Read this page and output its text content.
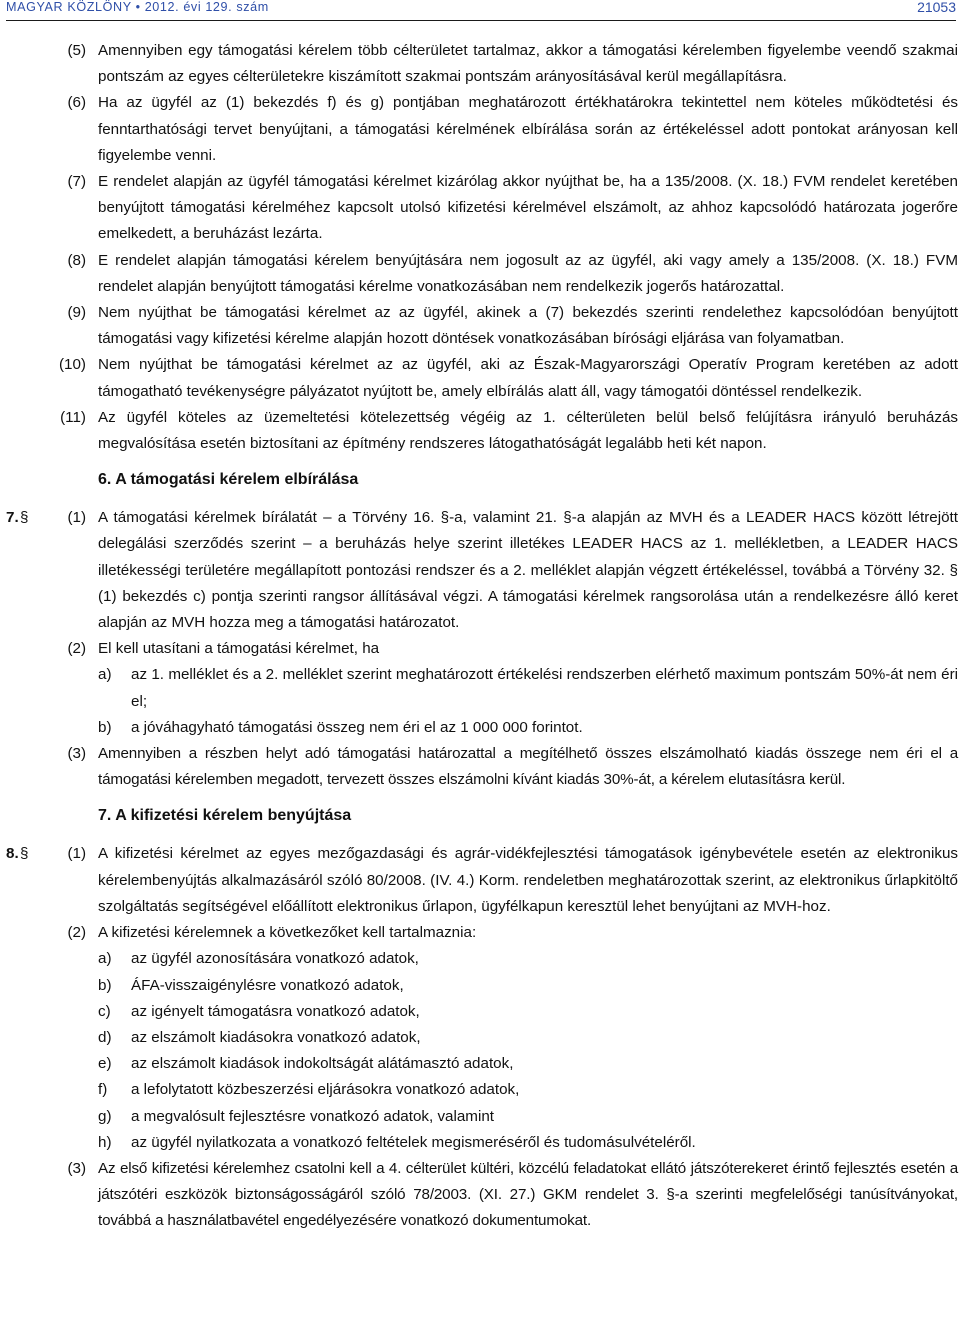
MAGYAR KÖZLÖNY • 2012. évi 129. szám	21053
(5) Amennyiben egy támogatási kérelem több célterületet tartalmaz, akkor a támogatási kérelemben figyelembe veendő szakmai pontszám az egyes célterületekre kiszámított szakmai pontszám arányosításával kerül megállapításra.
(6) Ha az ügyfél az (1) bekezdés f) és g) pontjában meghatározott értékhatárokra tekintettel nem köteles működtetési és fenntarthatósági tervet benyújtani, a támogatási kérelmének elbírálása során az értékeléssel adott pontokat arányosan kell figyelembe venni.
(7) E rendelet alapján az ügyfél támogatási kérelmet kizárólag akkor nyújthat be, ha a 135/2008. (X. 18.) FVM rendelet keretében benyújtott támogatási kérelméhez kapcsolt utolsó kifizetési kérelmével elszámolt, az ahhoz kapcsolódó határozata jogerőre emelkedett, a beruházást lezárta.
(8) E rendelet alapján támogatási kérelem benyújtására nem jogosult az az ügyfél, aki vagy amely a 135/2008. (X. 18.) FVM rendelet alapján benyújtott támogatási kérelme vonatkozásában nem rendelkezik jogerős határozattal.
(9) Nem nyújthat be támogatási kérelmet az az ügyfél, akinek a (7) bekezdés szerinti rendelethez kapcsolódóan benyújtott támogatási vagy kifizetési kérelme alapján hozott döntések vonatkozásában bírósági eljárása van folyamatban.
(10) Nem nyújthat be támogatási kérelmet az az ügyfél, aki az Észak-Magyarországi Operatív Program keretében az adott támogatható tevékenységre pályázatot nyújtott be, amely elbírálás alatt áll, vagy támogatói döntéssel rendelkezik.
(11) Az ügyfél köteles az üzemeltetési kötelezettség végéig az 1. célterületen belül belső felújításra irányuló beruházás megvalósítása esetén biztosítani az építmény rendszeres látogathatóságát legalább heti két napon.
6. A támogatási kérelem elbírálása
7. §	(1) A támogatási kérelmek bírálatát – a Törvény 16. §-a, valamint 21. §-a alapján az MVH és a LEADER HACS között létrejött delegálási szerződés szerint – a beruházás helye szerint illetékes LEADER HACS az 1. mellékletben, a LEADER HACS illetékességi területére megállapított pontozási rendszer és a 2. melléklet alapján végzett értékeléssel, továbbá a Törvény 32. § (1) bekezdés c) pontja szerinti rangsor állításával végzi. A támogatási kérelmek rangsorolása után a rendelkezésre álló keret alapján az MVH hozza meg a támogatási határozatot.
(2) El kell utasítani a támogatási kérelmet, ha
a) az 1. melléklet és a 2. melléklet szerint meghatározott értékelési rendszerben elérhető maximum pontszám 50%-át nem éri el;
b) a jóváhagyható támogatási összeg nem éri el az 1 000 000 forintot.
(3) Amennyiben a részben helyt adó támogatási határozattal a megítélhető összes elszámolható kiadás összege nem éri el a támogatási kérelemben megadott, tervezett összes elszámolni kívánt kiadás 30%-át, a kérelem elutasításra kerül.
7. A kifizetési kérelem benyújtása
8. §	(1) A kifizetési kérelmet az egyes mezőgazdasági és agrár-vidékfejlesztési támogatások igénybevétele esetén az elektronikus kérelembenyújtás alkalmazásáról szóló 80/2008. (IV. 4.) Korm. rendeletben meghatározottak szerint, az elektronikus űrlapkitöltő szolgáltatás segítségével előállított elektronikus űrlapon, ügyfélkapun keresztül lehet benyújtani az MVH-hoz.
(2) A kifizetési kérelemnek a következőket kell tartalmaznia:
a) az ügyfél azonosítására vonatkozó adatok,
b) ÁFA-visszaigénylésre vonatkozó adatok,
c) az igényelt támogatásra vonatkozó adatok,
d) az elszámolt kiadásokra vonatkozó adatok,
e) az elszámolt kiadások indokoltságát alátámasztó adatok,
f) a lefolytatott közbeszerzési eljárásokra vonatkozó adatok,
g) a megvalósult fejlesztésre vonatkozó adatok, valamint
h) az ügyfél nyilatkozata a vonatkozó feltételek megismeréséről és tudomásulvételéről.
(3) Az első kifizetési kérelemhez csatolni kell a 4. célterület kültéri, közcélú feladatokat ellátó játszóterekeret érintő fejlesztés esetén a játszótéri eszközök biztonságosságáról szóló 78/2003. (XI. 27.) GKM rendelet 3. §-a szerinti megfelelőségi tanúsítványokat, továbbá a használatbavétel engedélyezésére vonatkozó dokumentumokat.
